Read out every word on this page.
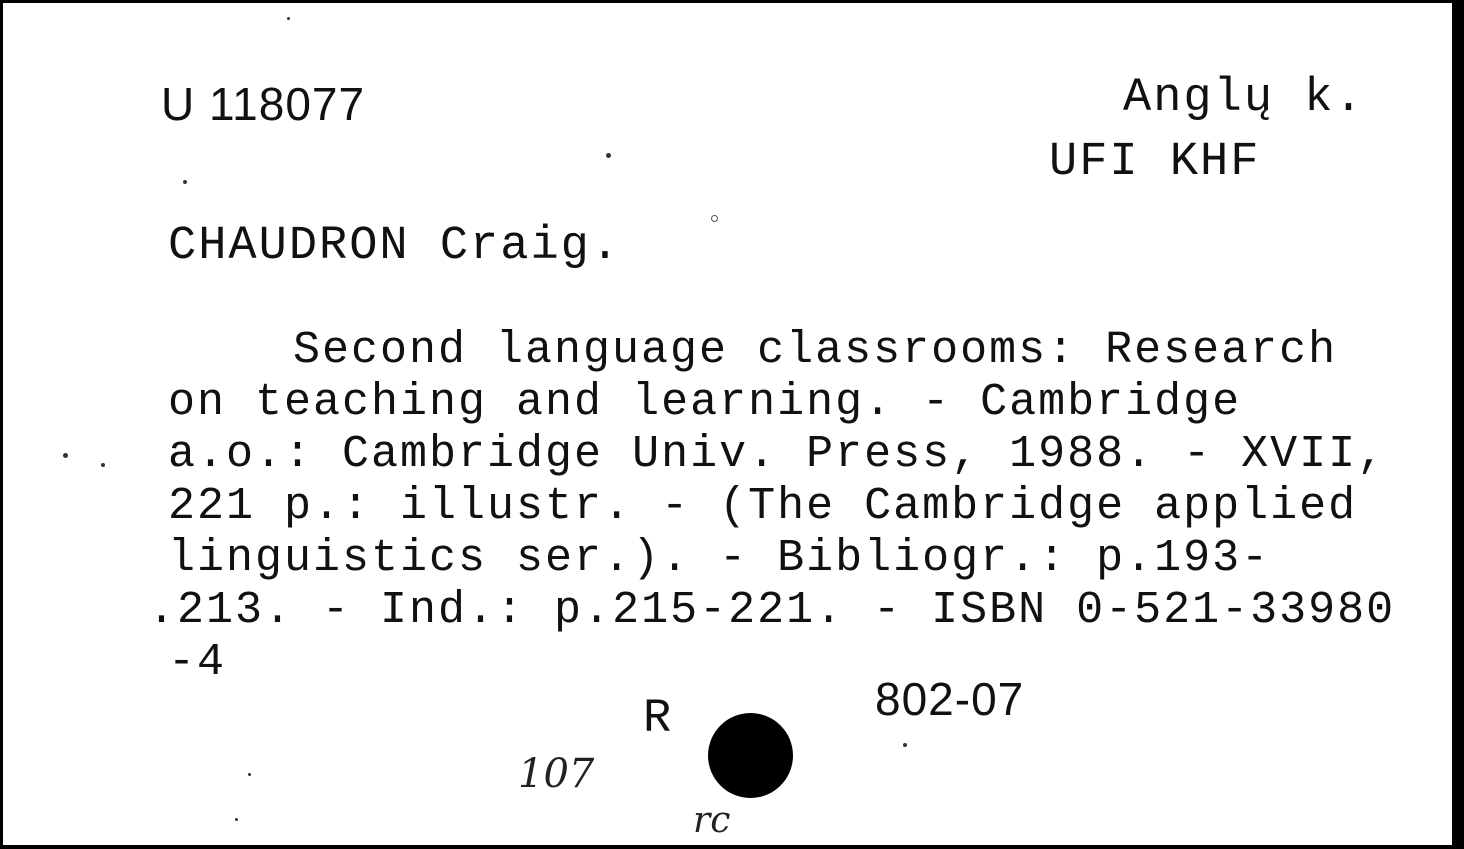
U 118077	Anglų k.
UFI KHF
CHAUDRON Craig.
Second language classrooms: Research
on teaching and learning. - Cambridge
a.o.: Cambridge Univ. Press, 1988. - XVII,
221 p.: illustr. - (The Cambridge applied
linguistics ser.). - Bibliogr.: p.193-
.213. - Ind.: p.215-221. - ISBN 0-521-33980
-4
802-07
R
107
rc
